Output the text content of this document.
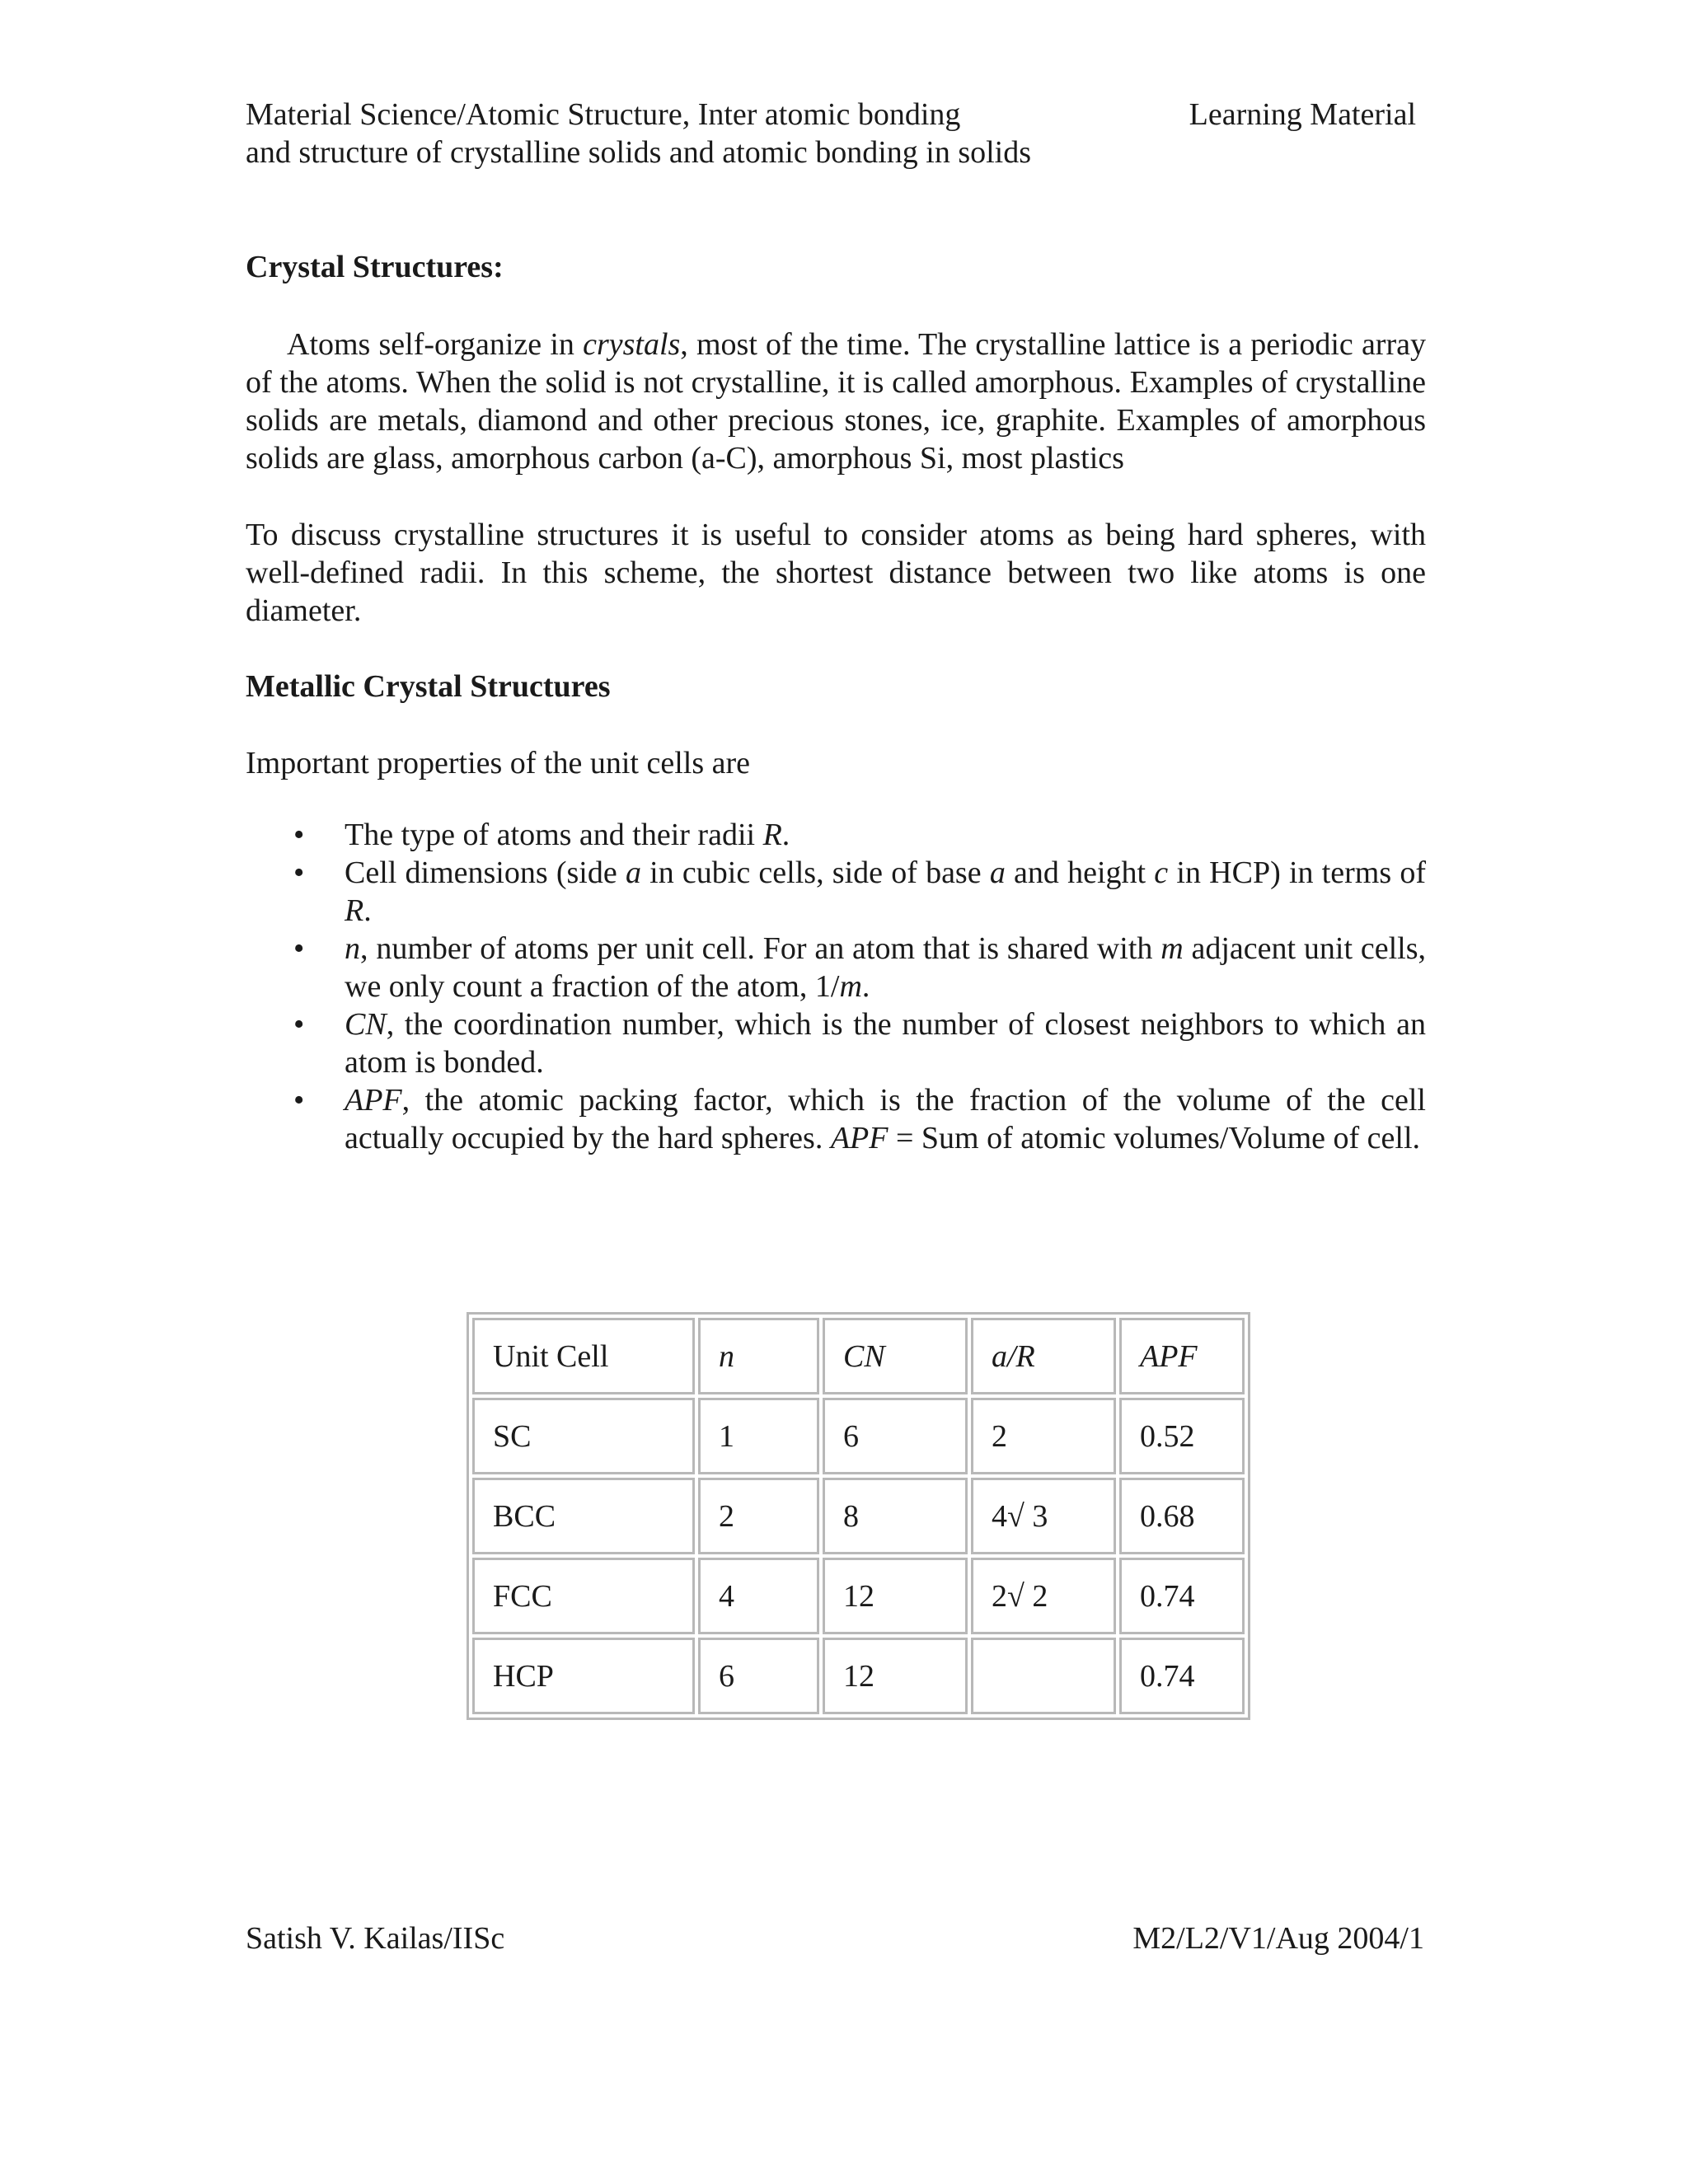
Material Science/Atomic Structure, Inter atomic bonding
and structure of crystalline solids and atomic bonding in solids
Learning Material
Crystal Structures:
Atoms self-organize in crystals, most of the time. The crystalline lattice is a periodic array of the atoms. When the solid is not crystalline, it is called amorphous. Examples of crystalline solids are metals, diamond and other precious stones, ice, graphite. Examples of amorphous solids are glass, amorphous carbon (a-C), amorphous Si, most plastics
To discuss crystalline structures it is useful to consider atoms as being hard spheres, with well-defined radii. In this scheme, the shortest distance between two like atoms is one diameter.
Metallic Crystal Structures
Important properties of the unit cells are
• The type of atoms and their radii R.
• Cell dimensions (side a in cubic cells, side of base a and height c in HCP) in terms of R.
• n, number of atoms per unit cell. For an atom that is shared with m adjacent unit cells, we only count a fraction of the atom, 1/m.
• CN, the coordination number, which is the number of closest neighbors to which an atom is bonded.
• APF, the atomic packing factor, which is the fraction of the volume of the cell actually occupied by the hard spheres. APF = Sum of atomic volumes/Volume of cell.
Unit Cell	n	CN	a/R	APF
SC	1	6	2	0.52
BCC	2	8	4√ 3	0.68
FCC	4	12	2√ 2	0.74
HCP	6	12		0.74
Satish V. Kailas/IISc	M2/L2/V1/Aug 2004/1
